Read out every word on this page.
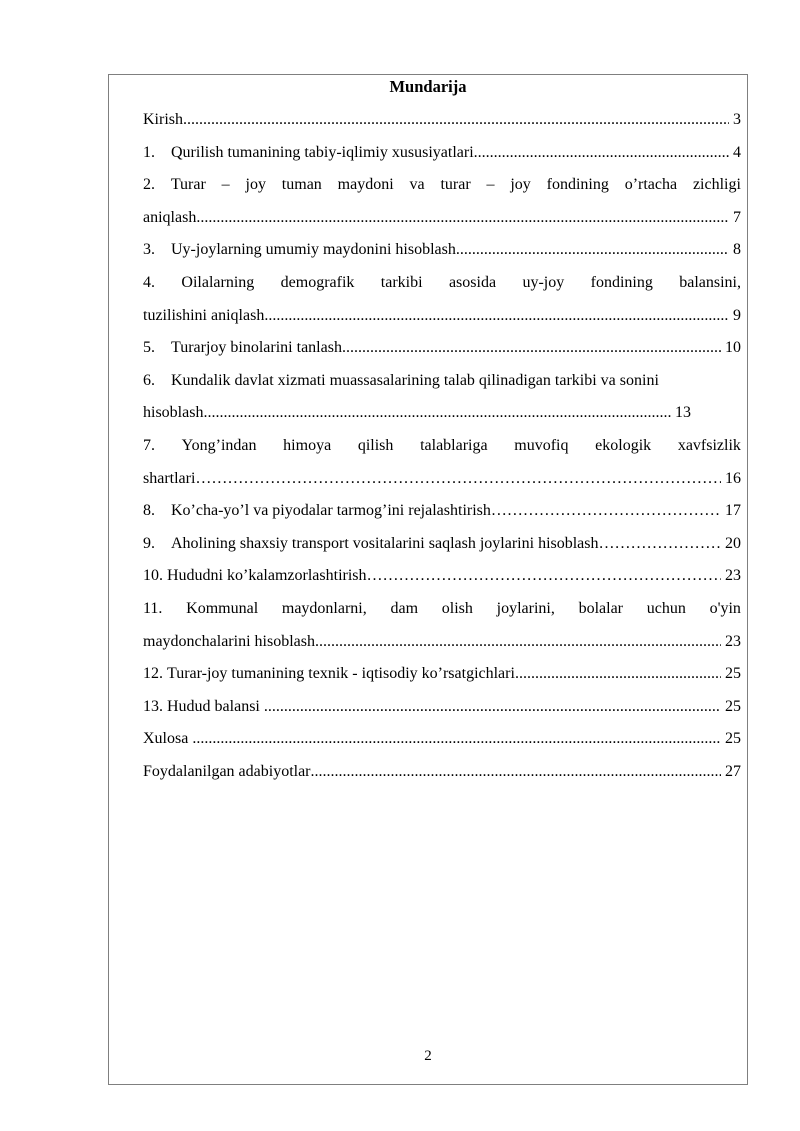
Mundarija
Kirish .....	3
1.	Qurilish tumanining tabiy-iqlimiy xususiyatlari .....	4
2. Turar – joy tuman maydoni va turar – joy fondining o’rtacha zichligi
aniqlash .....	7
3.	Uy-joylarning umumiy maydonini hisoblash .....	8
4. Oilalarning demografik tarkibi asosida uy-joy fondining balansini,
tuzilishini aniqlash .....	9
5.	Turarjoy binolarini tanlash .....	10
6.	Kundalik davlat xizmati muassasalarining talab qilinadigan tarkibi va sonini
hisoblash .....	13
7. Yong’indan himoya qilish talablariga muvofiq ekologik xavfsizlik
shartlari ……………………………………………………………………………………………………………………………………………………	16
8.	Ko’cha-yo’l va piyodalar tarmog’ini rejalashtirish ……………………………………………………………………………………………………………………………………………………	17
9.	Aholining shaxsiy transport vositalarini saqlash joylarini hisoblash ……………………………………………………………………………………………………………………………………………………	20
10.
Hududni ko’kalamzorlashtirish ……………………………………………………………………………………………………………………………………………………	23
11. Kommunal maydonlarni, dam olish joylarini, bolalar uchun o'yin
maydonchalarini hisoblash .....	23
12.
Turar-joy tumanining texnik - iqtisodiy ko’rsatgichlari .....	25
13.
Hudud balansi .....	25
Xulosa .....	25
Foydalanilgan adabiyotlar .....	27
2
